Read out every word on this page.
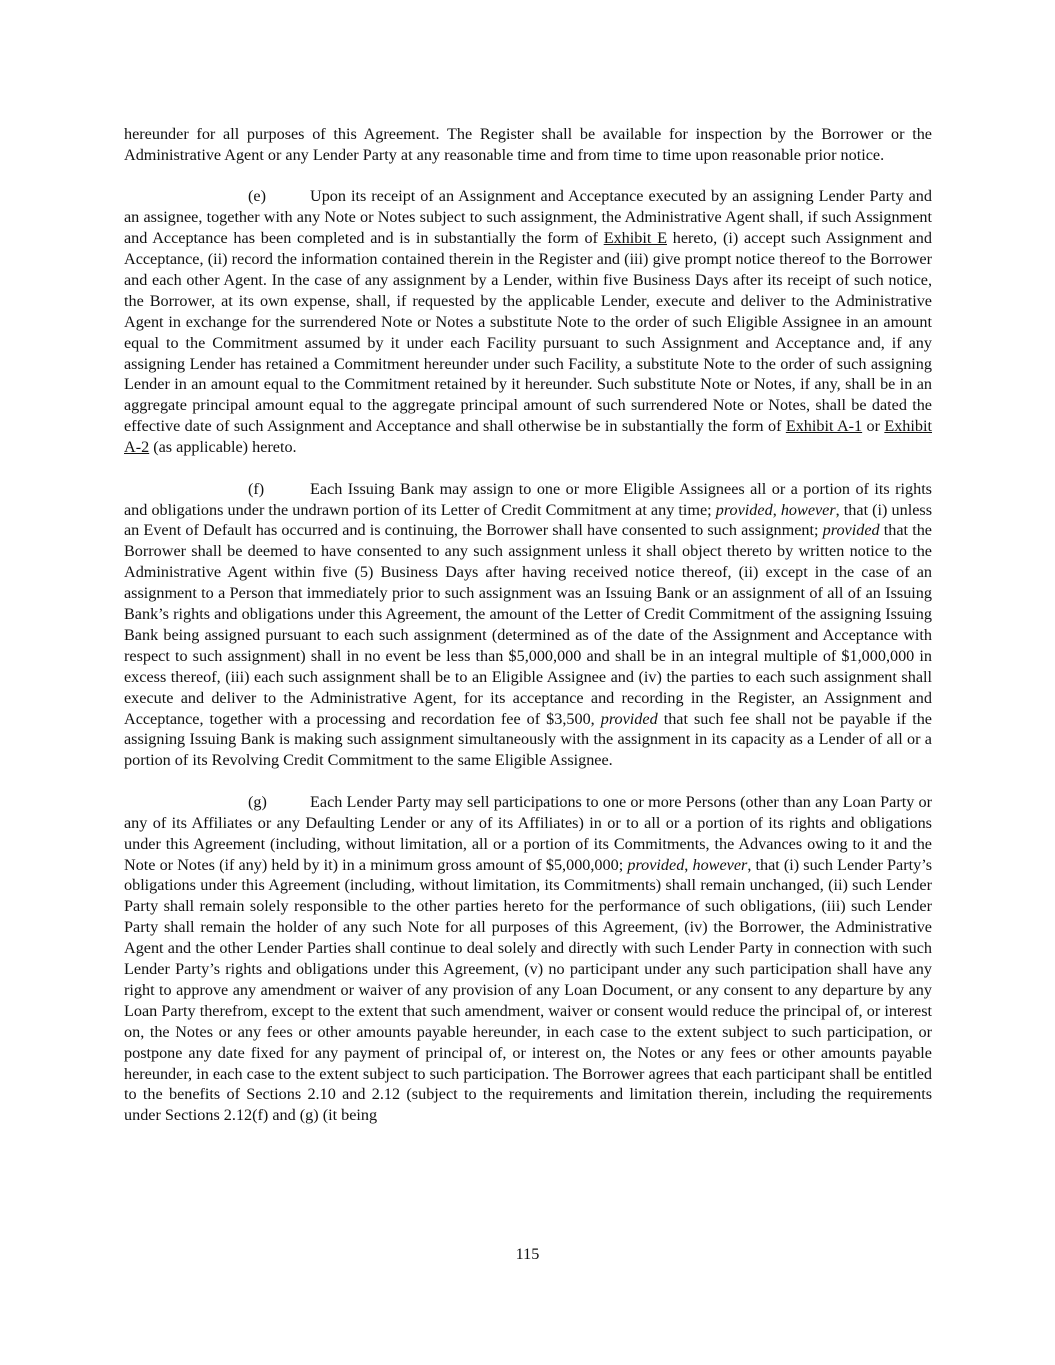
hereunder for all purposes of this Agreement. The Register shall be available for inspection by the Borrower or the Administrative Agent or any Lender Party at any reasonable time and from time to time upon reasonable prior notice.

(e)	Upon its receipt of an Assignment and Acceptance executed by an assigning Lender Party and an assignee, together with any Note or Notes subject to such assignment, the Administrative Agent shall, if such Assignment and Acceptance has been completed and is in substantially the form of Exhibit E hereto, (i) accept such Assignment and Acceptance, (ii) record the information contained therein in the Register and (iii) give prompt notice thereof to the Borrower and each other Agent. In the case of any assignment by a Lender, within five Business Days after its receipt of such notice, the Borrower, at its own expense, shall, if requested by the applicable Lender, execute and deliver to the Administrative Agent in exchange for the surrendered Note or Notes a substitute Note to the order of such Eligible Assignee in an amount equal to the Commitment assumed by it under each Facility pursuant to such Assignment and Acceptance and, if any assigning Lender has retained a Commitment hereunder under such Facility, a substitute Note to the order of such assigning Lender in an amount equal to the Commitment retained by it hereunder. Such substitute Note or Notes, if any, shall be in an aggregate principal amount equal to the aggregate principal amount of such surrendered Note or Notes, shall be dated the effective date of such Assignment and Acceptance and shall otherwise be in substantially the form of Exhibit A-1 or Exhibit A-2 (as applicable) hereto.

(f)	Each Issuing Bank may assign to one or more Eligible Assignees all or a portion of its rights and obligations under the undrawn portion of its Letter of Credit Commitment at any time; provided, however, that (i) unless an Event of Default has occurred and is continuing, the Borrower shall have consented to such assignment; provided that the Borrower shall be deemed to have consented to any such assignment unless it shall object thereto by written notice to the Administrative Agent within five (5) Business Days after having received notice thereof, (ii) except in the case of an assignment to a Person that immediately prior to such assignment was an Issuing Bank or an assignment of all of an Issuing Bank’s rights and obligations under this Agreement, the amount of the Letter of Credit Commitment of the assigning Issuing Bank being assigned pursuant to each such assignment (determined as of the date of the Assignment and Acceptance with respect to such assignment) shall in no event be less than $5,000,000 and shall be in an integral multiple of $1,000,000 in excess thereof, (iii) each such assignment shall be to an Eligible Assignee and (iv) the parties to each such assignment shall execute and deliver to the Administrative Agent, for its acceptance and recording in the Register, an Assignment and Acceptance, together with a processing and recordation fee of $3,500, provided that such fee shall not be payable if the assigning Issuing Bank is making such assignment simultaneously with the assignment in its capacity as a Lender of all or a portion of its Revolving Credit Commitment to the same Eligible Assignee.

(g)	Each Lender Party may sell participations to one or more Persons (other than any Loan Party or any of its Affiliates or any Defaulting Lender or any of its Affiliates) in or to all or a portion of its rights and obligations under this Agreement (including, without limitation, all or a portion of its Commitments, the Advances owing to it and the Note or Notes (if any) held by it) in a minimum gross amount of $5,000,000; provided, however, that (i) such Lender Party’s obligations under this Agreement (including, without limitation, its Commitments) shall remain unchanged, (ii) such Lender Party shall remain solely responsible to the other parties hereto for the performance of such obligations, (iii) such Lender Party shall remain the holder of any such Note for all purposes of this Agreement, (iv) the Borrower, the Administrative Agent and the other Lender Parties shall continue to deal solely and directly with such Lender Party in connection with such Lender Party’s rights and obligations under this Agreement, (v) no participant under any such participation shall have any right to approve any amendment or waiver of any provision of any Loan Document, or any consent to any departure by any Loan Party therefrom, except to the extent that such amendment, waiver or consent would reduce the principal of, or interest on, the Notes or any fees or other amounts payable hereunder, in each case to the extent subject to such participation, or postpone any date fixed for any payment of principal of, or interest on, the Notes or any fees or other amounts payable hereunder, in each case to the extent subject to such participation. The Borrower agrees that each participant shall be entitled to the benefits of Sections 2.10 and 2.12 (subject to the requirements and limitation therein, including the requirements under Sections 2.12(f) and (g) (it being

115
